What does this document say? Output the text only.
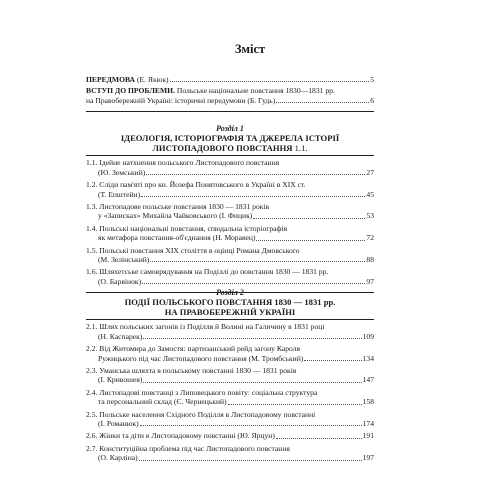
Зміст
ПЕРЕДМОВА (Е. Якюк)	5
ВСТУП ДО ПРОБЛЕМИ. Польське національне повстання 1830—1831 рр.
на Правобережній Україні: історичні передумови (Б. Гудь)	6
Розділ 1
ІДЕОЛОГІЯ, ІСТОРІОГРАФІЯ ТА ДЖЕРЕЛА ІСТОРІЇ
ЛИСТОПАДОВОГО ПОВСТАННЯ 1.1.
1.1. Ідейне натхнення польського Листопадового повстання
(Ю. Земський)	27
1.2. Сліди пам'яті про кн. Йозефа Понятовського в Україні в ХІХ ст.
(Т. Епштейн)	45
1.3. Листопадове польське повстання 1830 — 1831 років
у «Записках» Михайла Чайковського (І. Фицик)	53
1.4. Польські національні повстання, спюдальна історіографія
як метафора повстання-об'єднання (Н. Моравец)	72
1.5. Польські повстання ХІХ століття в оцінці Романа Дмовського
(М. Зелінський)	88
1.6. Шляхетське самоврядування на Поділлі до повстання 1830 — 1831 рр.
(О. Барвінок)	97
Розділ 2
ПОДІЇ ПОЛЬСЬКОГО ПОВСТАННЯ 1830 — 1831 рр.
НА ПРАВОБЕРЕЖНІЙ УКРАЇНІ
2.1. Шлях польських загонів із Поділля й Волині на Галичину в 1831 році
(Н. Каспарек)	109
2.2. Від Житомира до Замостя: партизанський рейд загону Кароля
Ружицького під час Листопадового повстання (М. Тромбський)	134
2.3. Уманська шляхта в польському повстанні 1830 — 1831 років
(І. Кривошея)	147
2.4. Листопадові повстанці з Липовецького повіту: соціальна структура
та персональний склад (Є. Чернецький)	158
2.5. Польське населення Східного Поділля в Листопадовому повстанні
(І. Романюк)	174
2.6. Жінки та діти в Листопадовому повстанні (Ю. Ярцун)	191
2.7. Конституційна проблема під час Листопадового повстання
(О. Карліна)	197
